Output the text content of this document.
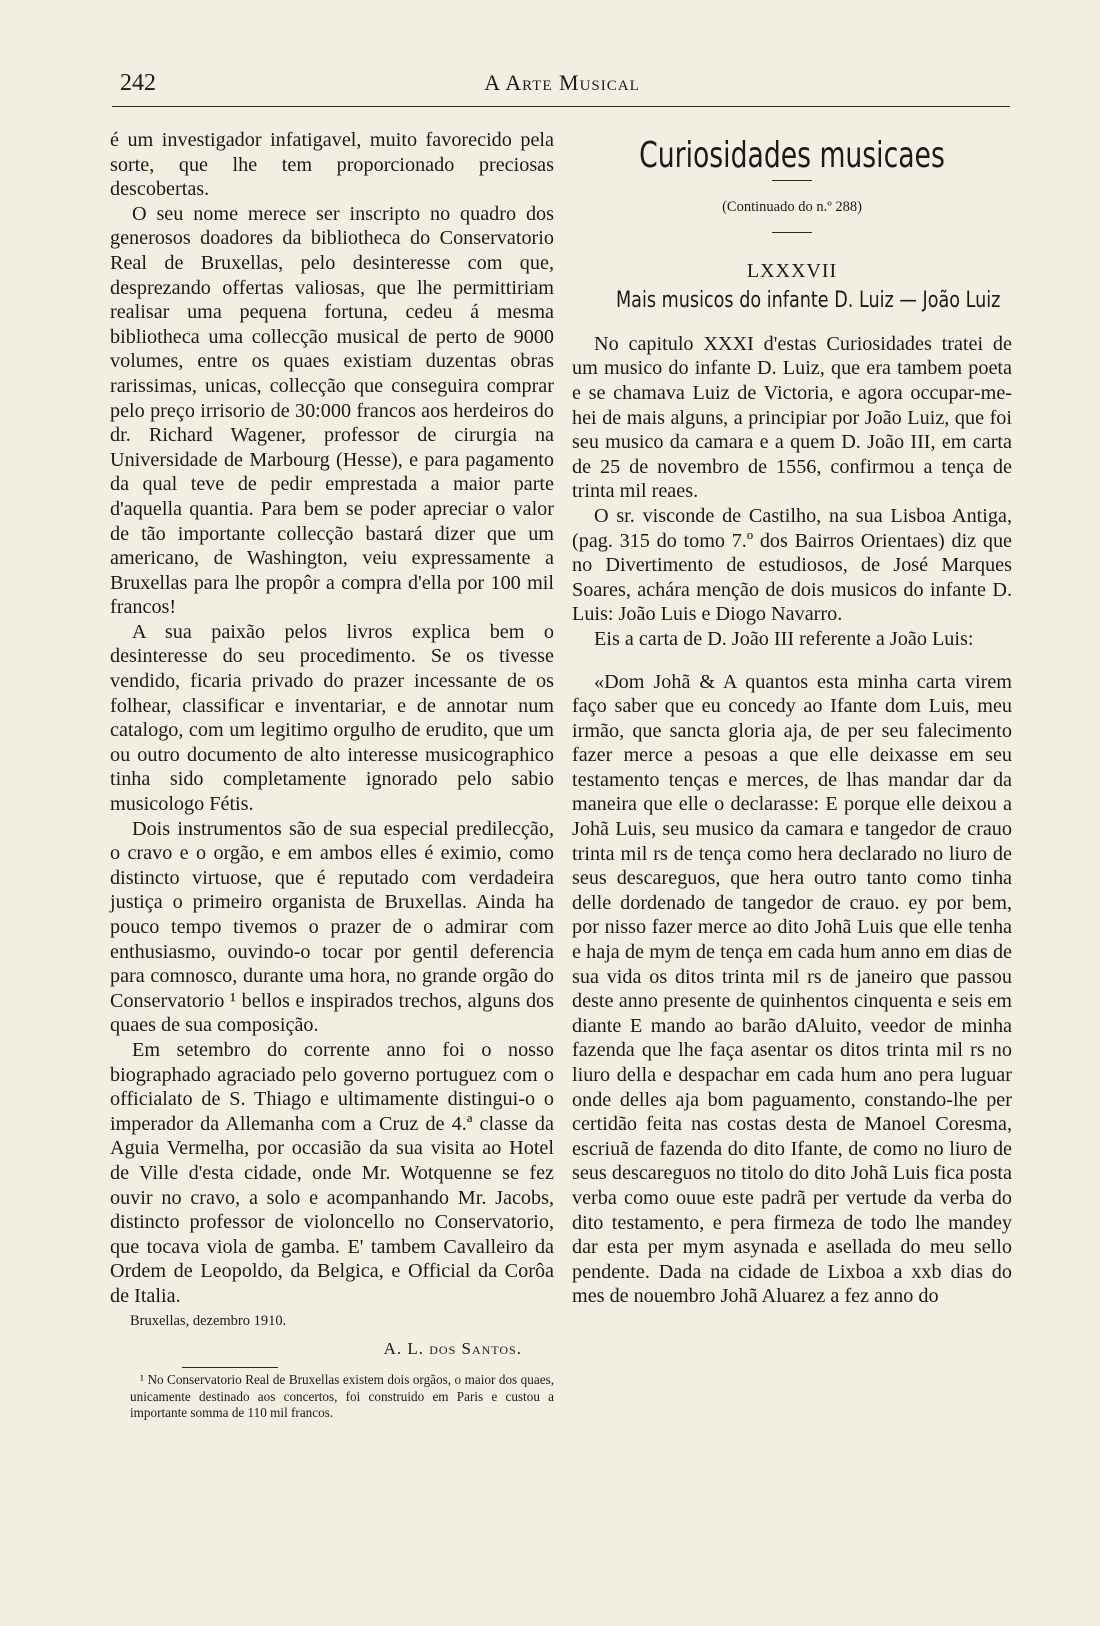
242	A Arte Musical

é um investigador infatigavel, muito favorecido pela sorte, que lhe tem proporcionado preciosas descobertas.

O seu nome merece ser inscripto no quadro dos generosos doadores da bibliotheca do Conservatorio Real de Bruxellas, pelo desinteresse com que, desprezando offertas valiosas, que lhe permittiriam realisar uma pequena fortuna, cedeu á mesma bibliotheca uma collecção musical de perto de 9000 volumes, entre os quaes existiam duzentas obras rarissimas, unicas, collecção que conseguira comprar pelo preço irrisorio de 30:000 francos aos herdeiros do dr. Richard Wagener, professor de cirurgia na Universidade de Marbourg (Hesse), e para pagamento da qual teve de pedir emprestada a maior parte d'aquella quantia. Para bem se poder apreciar o valor de tão importante collecção bastará dizer que um americano, de Washington, veiu expressamente a Bruxellas para lhe propôr a compra d'ella por 100 mil francos!

A sua paixão pelos livros explica bem o desinteresse do seu procedimento. Se os tivesse vendido, ficaria privado do prazer incessante de os folhear, classificar e inventariar, e de annotar num catalogo, com um legitimo orgulho de erudito, que um ou outro documento de alto interesse musicographico tinha sido completamente ignorado pelo sabio musicologo Fétis.

Dois instrumentos são de sua especial predilecção, o cravo e o orgão, e em ambos elles é eximio, como distincto virtuose, que é reputado com verdadeira justiça o primeiro organista de Bruxellas. Ainda ha pouco tempo tivemos o prazer de o admirar com enthusiasmo, ouvindo-o tocar por gentil deferencia para comnosco, durante uma hora, no grande orgão do Conservatorio ¹ bellos e inspirados trechos, alguns dos quaes de sua composição.

Em setembro do corrente anno foi o nosso biographado agraciado pelo governo portuguez com o officialato de S. Thiago e ultimamente distingui-o o imperador da Allemanha com a Cruz de 4.ª classe da Aguia Vermelha, por occasião da sua visita ao Hotel de Ville d'esta cidade, onde Mr. Wotquenne se fez ouvir no cravo, a solo e acompanhando Mr. Jacobs, distincto professor de violoncello no Conservatorio, que tocava viola de gamba. E' tambem Cavalleiro da Ordem de Leopoldo, da Belgica, e Official da Corôa de Italia.

Bruxellas, dezembro 1910.
A. L. dos Santos.
¹ No Conservatorio Real de Bruxellas existem dois orgãos, o maior dos quaes, unicamente destinado aos concertos, foi construido em Paris e custou a importante somma de 110 mil francos.
Curiosidades musicaes
(Continuado do n.º 288)
LXXXVII
Mais musicos do infante D. Luiz — João Luiz

No capitulo XXXI d'estas Curiosidades tratei de um musico do infante D. Luiz, que era tambem poeta e se chamava Luiz de Victoria, e agora occupar-me-hei de mais alguns, a principiar por João Luiz, que foi seu musico da camara e a quem D. João III, em carta de 25 de novembro de 1556, confirmou a tença de trinta mil reaes.

O sr. visconde de Castilho, na sua Lisboa Antiga, (pag. 315 do tomo 7.º dos Bairros Orientaes) diz que no Divertimento de estudiosos, de José Marques Soares, achára menção de dois musicos do infante D. Luis: João Luis e Diogo Navarro.

Eis a carta de D. João III referente a João Luis:

«Dom Johã & A quantos esta minha carta virem faço saber que eu concedy ao Ifante dom Luis, meu irmão, que sancta gloria aja, de per seu falecimento fazer merce a pesoas a que elle deixasse em seu testamento tenças e merces, de lhas mandar dar da maneira que elle o declarasse: E porque elle deixou a Johã Luis, seu musico da camara e tangedor de crauo trinta mil rs de tença como hera declarado no liuro de seus descareguos, que hera outro tanto como tinha delle dordenado de tangedor de crauo. ey por bem, por nisso fazer merce ao dito Johã Luis que elle tenha e haja de mym de tença em cada hum anno em dias de sua vida os ditos trinta mil rs de janeiro que passou deste anno presente de quinhentos cinquenta e seis em diante E mando ao barão dAluito, veedor de minha fazenda que lhe faça asentar os ditos trinta mil rs no liuro della e despachar em cada hum ano pera luguar onde delles aja bom paguamento, constando-lhe per certidão feita nas costas desta de Manoel Coresma, escriuã de fazenda do dito Ifante, de como no liuro de seus descareguos no titolo do dito Johã Luis fica posta verba como ouue este padrã per vertude da verba do dito testamento, e pera firmeza de todo lhe mandey dar esta per mym asynada e asellada do meu sello pendente. Dada na cidade de Lixboa a xxb dias do mes de nouembro Johã Aluarez a fez anno do
